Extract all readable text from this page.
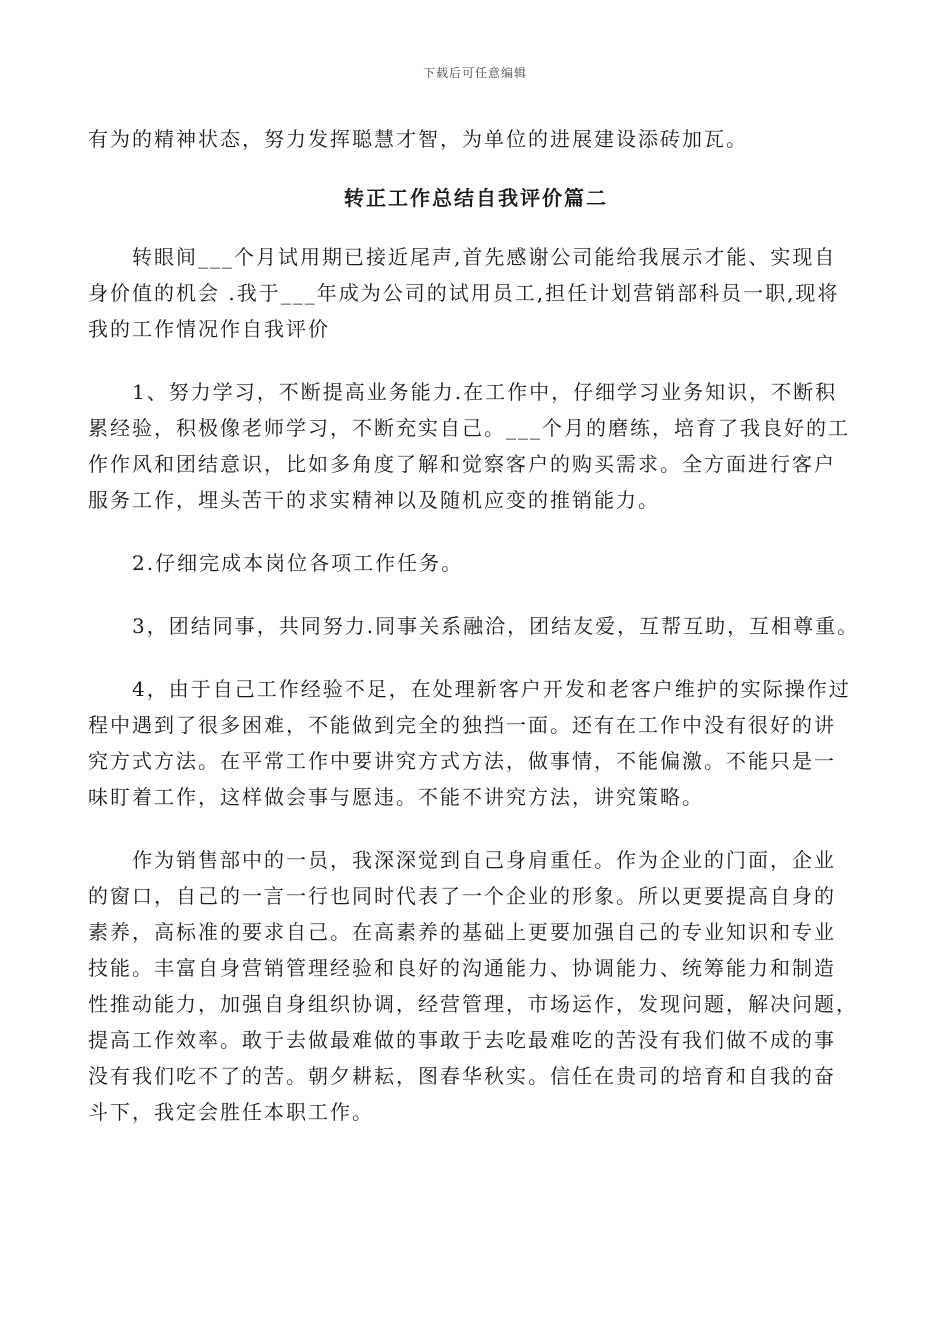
下载后可任意编辑

有为的精神状态，努力发挥聪慧才智，为单位的进展建设添砖加瓦。

转正工作总结自我评价篇二

转眼间___个月试用期已接近尾声,首先感谢公司能给我展示才能、实现自

身价值的机会 .我于___年成为公司的试用员工,担任计划营销部科员一职,现将

我的工作情况作自我评价

1、努力学习，不断提高业务能力.在工作中，仔细学习业务知识，不断积

累经验，积极像老师学习，不断充实自己。___个月的磨练，培育了我良好的工

作作风和团结意识，比如多角度了解和觉察客户的购买需求。全方面进行客户

服务工作，埋头苦干的求实精神以及随机应变的推销能力。

2.仔细完成本岗位各项工作任务。

3，团结同事，共同努力.同事关系融洽，团结友爱，互帮互助，互相尊重。

4，由于自己工作经验不足，在处理新客户开发和老客户维护的实际操作过

程中遇到了很多困难，不能做到完全的独挡一面。还有在工作中没有很好的讲

究方式方法。在平常工作中要讲究方式方法，做事情，不能偏激。不能只是一

味盯着工作，这样做会事与愿违。不能不讲究方法，讲究策略。

作为销售部中的一员，我深深觉到自己身肩重任。作为企业的门面，企业

的窗口，自己的一言一行也同时代表了一个企业的形象。所以更要提高自身的

素养，高标准的要求自己。在高素养的基础上更要加强自己的专业知识和专业

技能。丰富自身营销管理经验和良好的沟通能力、协调能力、统筹能力和制造

性推动能力，加强自身组织协调，经营管理，市场运作，发现问题，解决问题，

提高工作效率。敢于去做最难做的事敢于去吃最难吃的苦没有我们做不成的事

没有我们吃不了的苦。朝夕耕耘，图春华秋实。信任在贵司的培育和自我的奋

斗下，我定会胜任本职工作。
